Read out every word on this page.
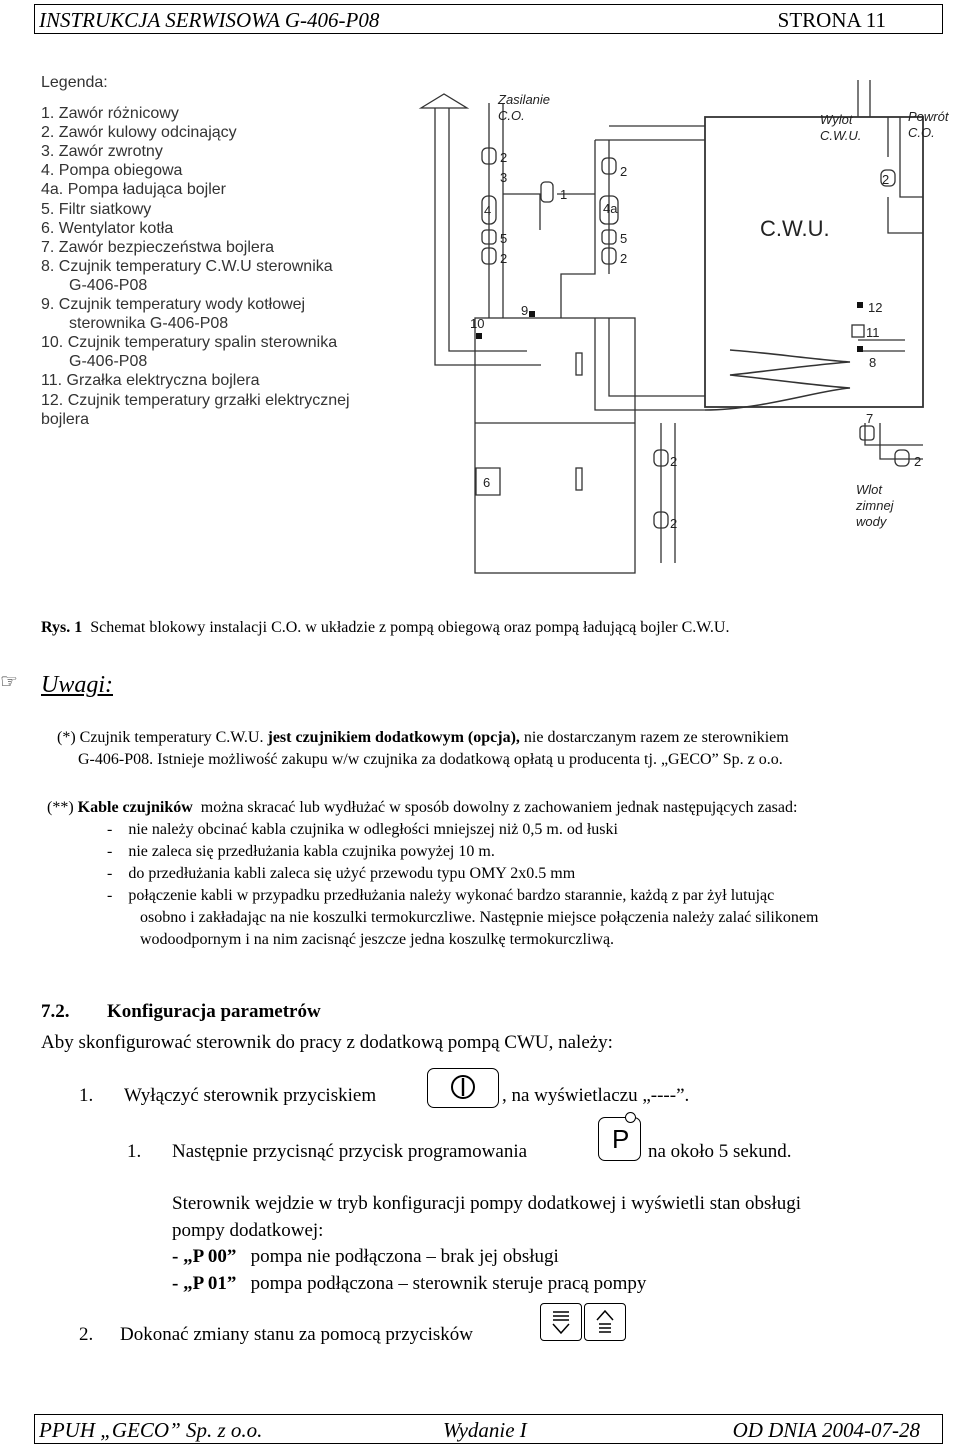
INSTRUKCJA SERWISOWA G-406-P08	STRONA 11
Legenda:
1. Zawór różnicowy
2. Zawór kulowy odcinający
3. Zawór zwrotny
4. Pompa obiegowa
4a. Pompa ładująca bojler
5. Filtr siatkowy
6. Wentylator kotła
7. Zawór bezpieczeństwa bojlera
8. Czujnik temperatury C.W.U sterownika
G-406-P08
9. Czujnik temperatury wody kotłowej
sterownika G-406-P08
10. Czujnik temperatury spalin sterownika
G-406-P08
11. Grzałka elektryczna bojlera
12. Czujnik temperatury grzałki elektrycznej
bojlera
Zasilanie
C.O.	Wylot
C.W.U.
Powrót
C.O.
C.W.U.
Wlot
zimnej
wody
2
3
4
5
2
1
2
4a
5
2
9
10
12
11
8
7
2
2
2
2
6
Rys. 1 Schemat blokowy instalacji C.O. w układzie z pompą obiegową oraz pompą ładującą bojler C.W.U.
☞ Uwagi:
(*) Czujnik temperatury C.W.U. jest czujnikiem dodatkowym (opcja), nie dostarczanym razem ze sterownikiem
G-406-P08. Istnieje możliwość zakupu w/w czujnika za dodatkową opłatą u producenta tj. „GECO” Sp. z o.o.
(**) Kable czujników można skracać lub wydłużać w sposób dowolny z zachowaniem jednak następujących zasad:
-    nie należy obcinać kabla czujnika w odległości mniejszej niż 0,5 m. od łuski
-    nie zaleca się przedłużania kabla czujnika powyżej 10 m.
-    do przedłużania kabli zaleca się użyć przewodu typu OMY 2x0.5 mm
-    połączenie kabli w przypadku przedłużania należy wykonać bardzo starannie, każdą z par żył lutując
osobno i zakładając na nie koszulki termokurczliwe. Następnie miejsce połączenia należy zalać silikonem
wodoodpornym i na nim zacisnąć jeszcze jedna koszulkę termokurczliwą.
7.2. Konfiguracja parametrów
Aby skonfigurować sterownik do pracy z dodatkową pompą CWU, należy:
1. Wyłączyć sterownik przyciskiem	, na wyświetlaczu „----”.
1. Następnie przycisnąć przycisk programowania	P na około 5 sekund.
Sterownik wejdzie w tryb konfiguracji pompy dodatkowej i wyświetli stan obsługi
pompy dodatkowej:
- „P 00” pompa nie podłączona – brak jej obsługi
- „P 01” pompa podłączona – sterownik steruje pracą pompy
2. Dokonać zmiany stanu za pomocą przycisków
PPUH „GECO” Sp. z o.o.	Wydanie I	OD DNIA 2004-07-28
